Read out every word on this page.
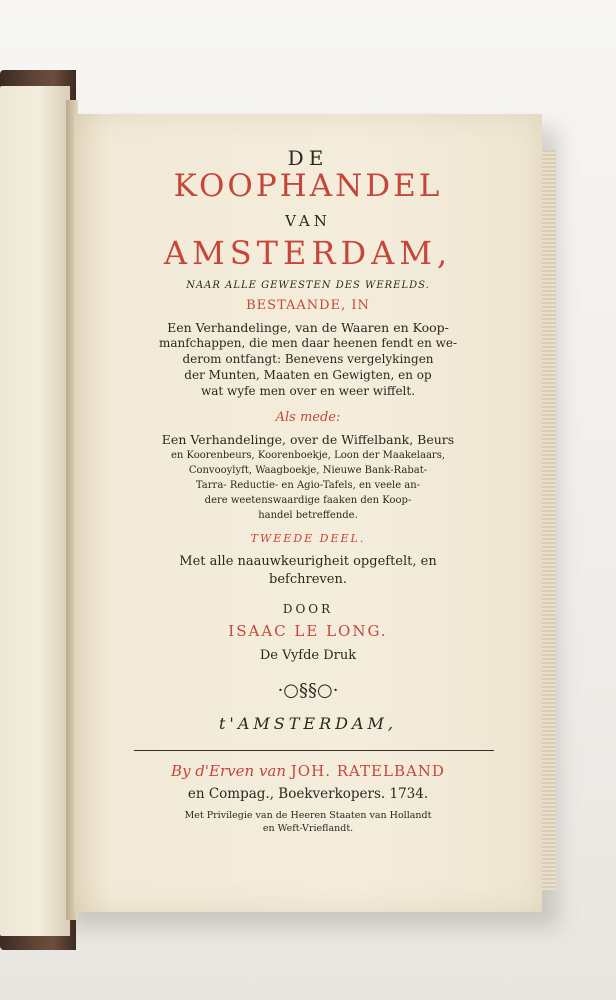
DE
KOOPHANDEL
VAN
AMSTERDAM,
NAAR ALLE GEWESTEN DES WERELDS.
BESTAANDE, IN
Een Verhandelinge, van de Waaren en Koop-
manfchappen, die men daar heenen fendt en we-
derom ontfangt: Benevens vergelykingen
der Munten, Maaten en Gewigten, en op
wat wyfe men over en weer wiffelt.
Als mede:
Een Verhandelinge, over de Wiffelbank, Beurs
en Koorenbeurs, Koorenboekje, Loon der Maakelaars,
Convooylyft, Waagboekje, Nieuwe Bank-Rabat-
Tarra- Reductie- en Agio-Tafels, en veele an-
dere weetenswaardige faaken den Koop-
handel betreffende.
TWEEDE DEEL.
Met alle naauwkeurigheit opgeftelt, en
befchreven.
DOOR
ISAAC LE LONG.
De Vyfde Druk
·○§§○·
t'AMSTERDAM,
By d'Erven van JOH. RATELBAND
en Compag., Boekverkopers. 1734.
Met Privilegie van de Heeren Staaten van Hollandt
en Weft-Vrieflandt.
